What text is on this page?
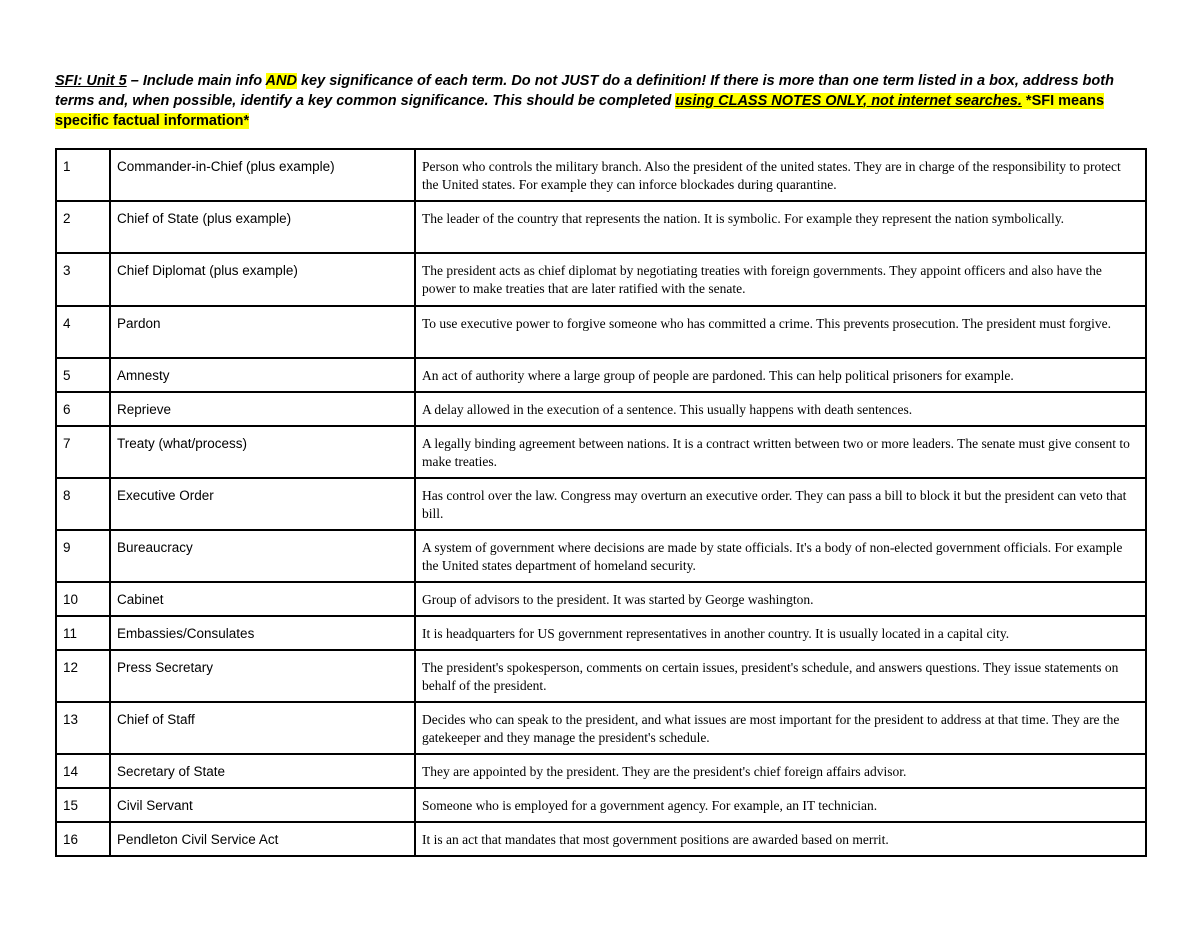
SFI: Unit 5 – Include main info AND key significance of each term. Do not JUST do a definition! If there is more than one term listed in a box, address both terms and, when possible, identify a key common significance. This should be completed using CLASS NOTES ONLY, not internet searches. *SFI means specific factual information*
1	Commander-in-Chief (plus example)	Person who controls the military branch. Also the president of the united states. They are in charge of the responsibility to protect the United states. For example they can inforce blockades during quarantine.
2	Chief of State (plus example)	The leader of the country that represents the nation. It is symbolic. For example they represent the nation symbolically.
3	Chief Diplomat (plus example)	The president acts as chief diplomat by negotiating treaties with foreign governments. They appoint officers and also have the power to make treaties that are later ratified with the senate.
4	Pardon	To use executive power to forgive someone who has committed a crime. This prevents prosecution. The president must forgive.
5	Amnesty	An act of authority where a large group of people are pardoned. This can help political prisoners for example.
6	Reprieve	A delay allowed in the execution of a sentence. This usually happens with death sentences.
7	Treaty (what/process)	A legally binding agreement between nations. It is a contract written between two or more leaders. The senate must give consent to make treaties.
8	Executive Order	Has control over the law. Congress may overturn an executive order. They can pass a bill to block it but the president can veto that bill.
9	Bureaucracy	A system of government where decisions are made by state officials. It's a body of non-elected government officials. For example the United states department of homeland security.
10	Cabinet	Group of advisors to the president. It was started by George washington.
11	Embassies/Consulates	It is headquarters for US government representatives in another country. It is usually located in a capital city.
12	Press Secretary	The president's spokesperson, comments on certain issues, president's schedule, and answers questions. They issue statements on behalf of the president.
13	Chief of Staff	Decides who can speak to the president, and what issues are most important for the president to address at that time. They are the gatekeeper and they manage the president's schedule.
14	Secretary of State	They are appointed by the president. They are the president's chief foreign affairs advisor.
15	Civil Servant	Someone who is employed for a government agency. For example, an IT technician.
16	Pendleton Civil Service Act	It is an act that mandates that most government positions are awarded based on merrit.
